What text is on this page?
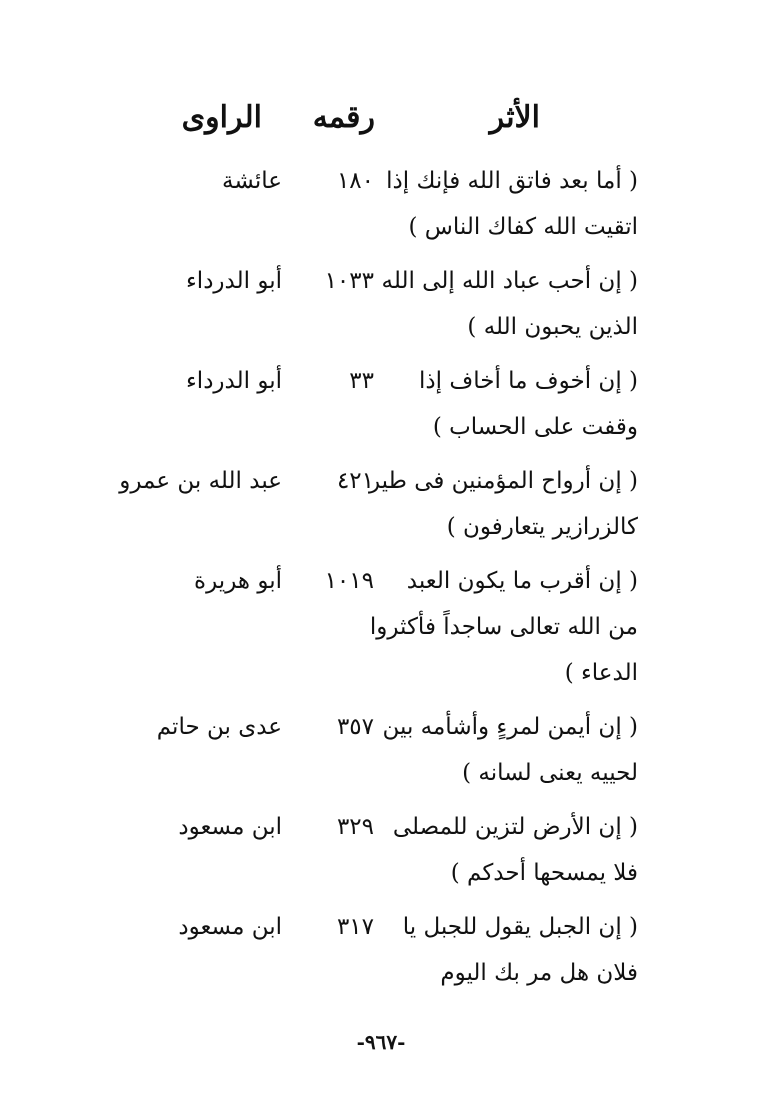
الأثر
رقمه
الراوى
( أما بعد فاتق الله فإنك إذا
اتقيت الله كفاك الناس )
١٨٠
عائشة
( إن أحب عباد الله إلى الله
الذين يحبون الله )
١٠٣٣
أبو الدرداء
( إن أخوف ما أخاف إذا
وقفت على الحساب )
٣٣
أبو الدرداء
( إن أرواح المؤمنين فى طير
كالزرازير يتعارفون )
٤٢١
عبد الله بن عمرو
( إن أقرب ما يكون العبد
من الله تعالى ساجداً فأكثروا
الدعاء )
١٠١٩
أبو هريرة
( إن أيمن لمرءٍ وأشأمه بين
لحييه يعنى لسانه )
٣٥٧
عدى بن حاتم
( إن الأرض لتزين للمصلى
فلا يمسحها أحدكم )
٣٢٩
ابن مسعود
( إن الجبل يقول للجبل يا
فلان هل مر بك اليوم
٣١٧
ابن مسعود
-٩٦٧-
